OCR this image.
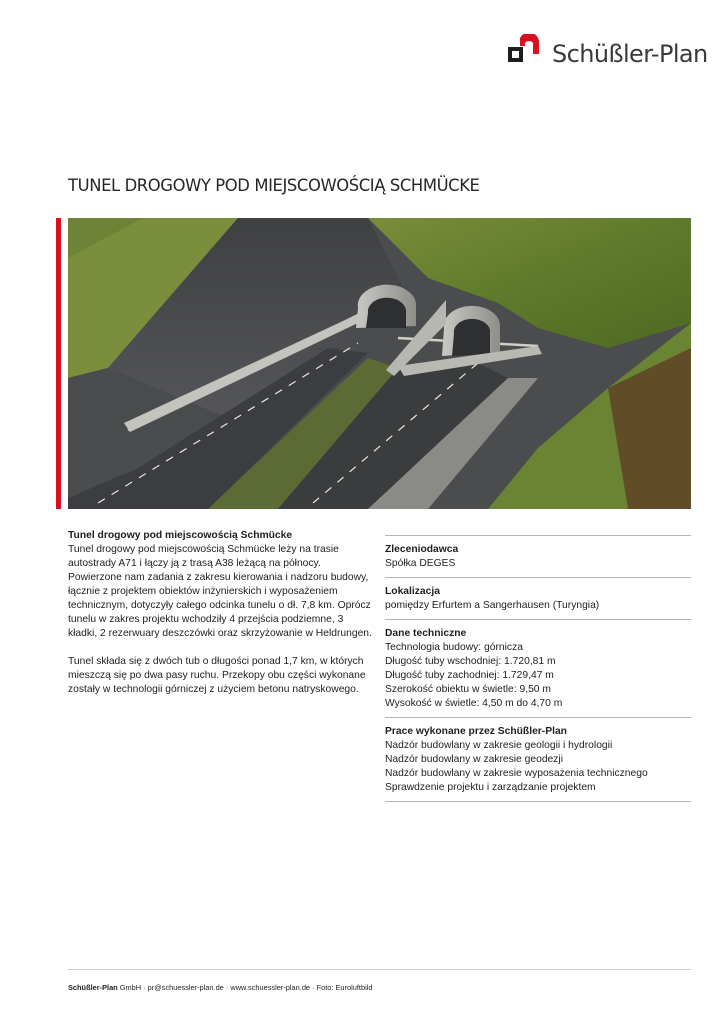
Schüßler-Plan
TUNEL DROGOWY POD MIEJSCOWOŚCIĄ SCHMÜCKE

Tunel drogowy pod miejscowością Schmücke
Tunel drogowy pod miejscowością Schmücke leży na trasie autostrady A71 i łączy ją z trasą A38 leżącą na północy. Powierzone nam zadania z zakresu kierowania i nadzoru budowy, łącznie z projektem obiektów inżynierskich i wyposażeniem technicznym, dotyczyły całego odcinka tunelu o dł. 7,8 km. Oprócz tunelu w zakres projektu wchodziły 4 przejścia podziemne, 3 kładki, 2 rezerwuary deszczówki oraz skrzyżowanie w Heldrungen.

Tunel składa się z dwóch tub o długości ponad 1,7 km, w których mieszczą się po dwa pasy ruchu. Przekopy obu części wykonane zostały w technologii górniczej z użyciem betonu natryskowego.

Zleceniodawca
Spółka DEGES
Lokalizacja
pomiędzy Erfurtem a Sangerhausen (Turyngia)
Dane techniczne
Technologia budowy: górnicza
Długość tuby wschodniej: 1.720,81 m
Długość tuby zachodniej: 1.729,47 m
Szerokość obiektu w świetle: 9,50 m
Wysokość w świetle: 4,50 m do 4,70 m
Prace wykonane przez Schüßler-Plan
Nadzór budowlany w zakresie geologii i hydrologii
Nadzór budowlany w zakresie geodezji
Nadzór budowlany w zakresie wyposażenia technicznego
Sprawdzenie projektu i zarządzanie projektem
Schüßler-Plan GmbH · pr@schuessler-plan.de · www.schuessler-plan.de · Foto: Euroluftbild
